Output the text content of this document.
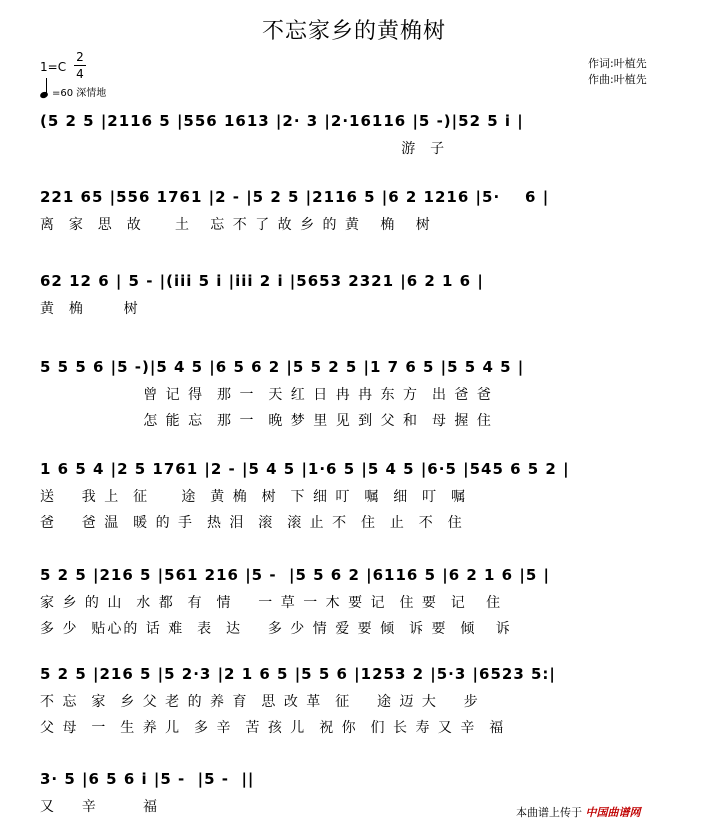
不忘家乡的黄桷树
作词:叶植先
作曲:叶植先
1=C
2
4
=60 深情地
(5 2 5 |2116 5 |556 1613 |2· 3 |2·16116 |5 -)|52 5 i |
游  子
221 65 |556 1761 |2 - |5 2 5 |2116 5 |6 2 1216 |5·    6 |
离  家  思  故     土   忘 不 了 故 乡 的 黄   桷   树
62 12 6 | 5 - |(iii 5 i |iii 2 i |5653 2321 |6 2 1 6 |
黄  桷      树
5 5 5 6 |5 -)|5 4 5 |6 5 6 2 |5 5 2 5 |1 7 6 5 |5 5 4 5 |
曾 记 得  那 一  天 红 日 冉 冉 东 方  出 爸 爸
怎 能 忘  那 一  晚 梦 里 见 到 父 和  母 握 住
1 6 5 4 |2 5 1761 |2 - |5 4 5 |1·6 5 |5 4 5 |6·5 |545 6 5 2 |
送    我 上  征     途  黄 桷  树  下 细 叮  嘱  细  叮  嘱
爸    爸 温  暖 的 手  热 泪  滚  滚 止 不  住  止  不  住
5 2 5 |216 5 |561 216 |5 -  |5 5 6 2 |6116 5 |6 2 1 6 |5 |
家 乡 的 山  水 都  有  情    一 草 一 木 要 记  住 要  记   住
多 少  贴心的 话 难  表  达    多 少 情 爱 要 倾  诉 要  倾   诉
5 2 5 |216 5 |5 2·3 |2 1 6 5 |5 5 6 |1253 2 |5·3 |6523 5:|
不 忘  家  乡 父 老 的 养 育  思 改 革  征    途 迈 大    步
父 母  一  生 养 儿  多 辛  苦 孩 儿  祝 你  们 长 寿 又 辛  福
3· 5 |6 5 6 i |5 -  |5 -  ||
又    辛       福	本曲谱上传于 中国曲谱网
